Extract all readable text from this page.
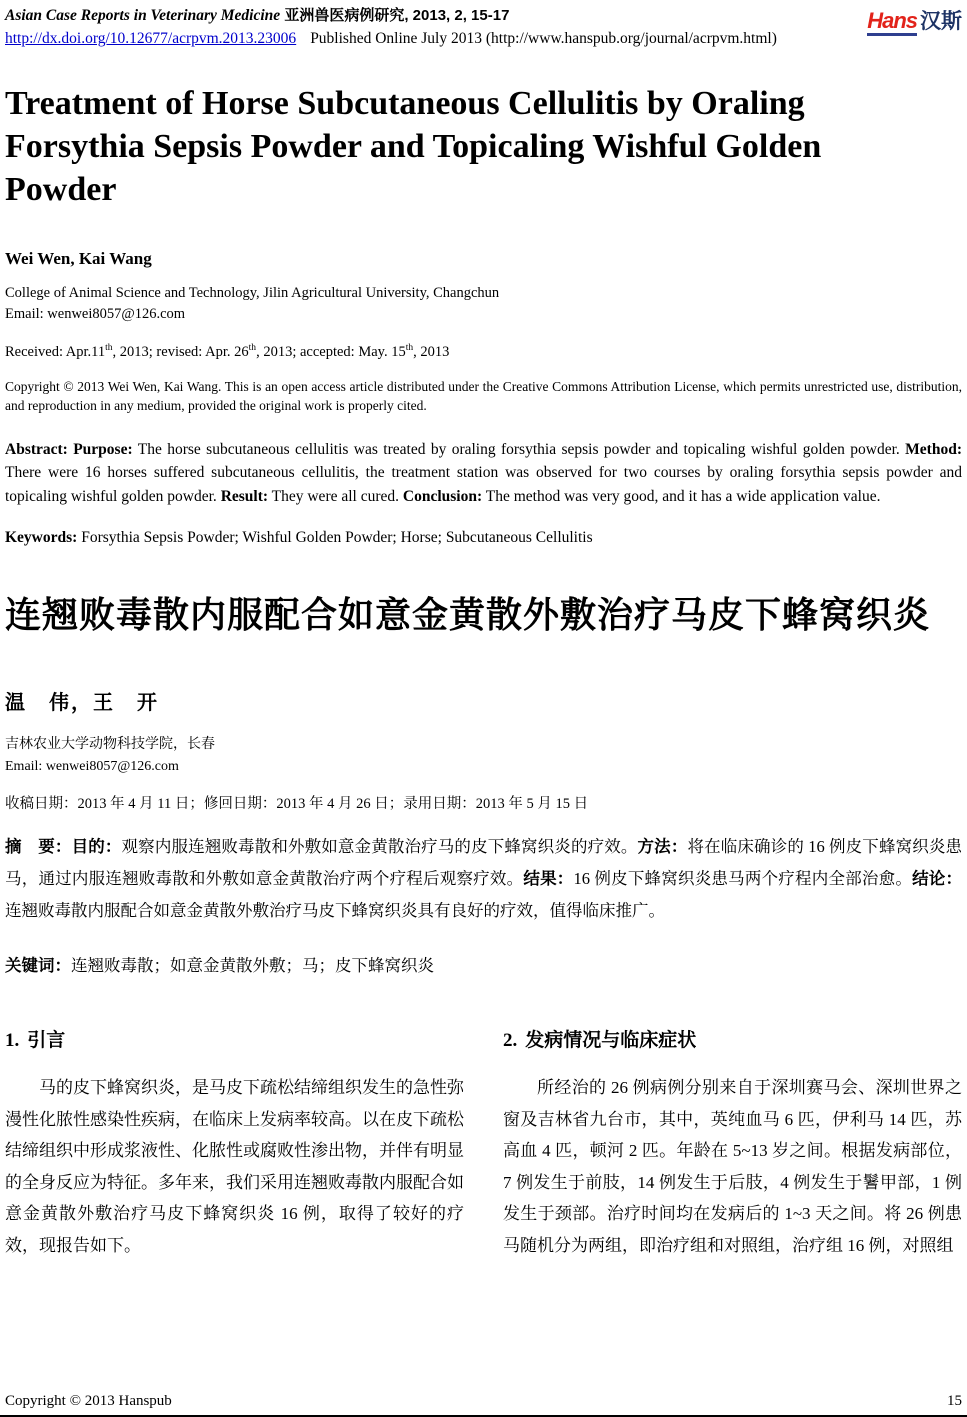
Asian Case Reports in Veterinary Medicine 亚洲兽医病例研究, 2013, 2, 15-17
http://dx.doi.org/10.12677/acrpvm.2013.23006 Published Online July 2013 (http://www.hanspub.org/journal/acrpvm.html)
Hans 汉斯
Treatment of Horse Subcutaneous Cellulitis by Oraling
Forsythia Sepsis Powder and Topicaling Wishful Golden
Powder
Wei Wen, Kai Wang
College of Animal Science and Technology, Jilin Agricultural University, Changchun
Email: wenwei8057@126.com
Received: Apr.11th, 2013; revised: Apr. 26th, 2013; accepted: May. 15th, 2013
Copyright © 2013 Wei Wen, Kai Wang. This is an open access article distributed under the Creative Commons Attribution License, which permits unrestricted use, distribution, and reproduction in any medium, provided the original work is properly cited.
Abstract: Purpose: The horse subcutaneous cellulitis was treated by oraling forsythia sepsis powder and topicaling wishful golden powder. Method: There were 16 horses suffered subcutaneous cellulitis, the treatment station was observed for two courses by oraling forsythia sepsis powder and topicaling wishful golden powder. Result: They were all cured. Conclusion: The method was very good, and it has a wide application value.
Keywords: Forsythia Sepsis Powder; Wishful Golden Powder; Horse; Subcutaneous Cellulitis
连翘败毒散内服配合如意金黄散外敷治疗马皮下蜂窝织炎
温　伟，王　开
吉林农业大学动物科技学院，长春
Email: wenwei8057@126.com
收稿日期：2013 年 4 月 11 日；修回日期：2013 年 4 月 26 日；录用日期：2013 年 5 月 15 日
摘　要：目的：观察内服连翘败毒散和外敷如意金黄散治疗马的皮下蜂窝织炎的疗效。方法：将在临床确诊的 16 例皮下蜂窝织炎患马，通过内服连翘败毒散和外敷如意金黄散治疗两个疗程后观察疗效。结果：16 例皮下蜂窝织炎患马两个疗程内全部治愈。结论：连翘败毒散内服配合如意金黄散外敷治疗马皮下蜂窝织炎具有良好的疗效，值得临床推广。
关键词：连翘败毒散；如意金黄散外敷；马；皮下蜂窝织炎
1. 引言

马的皮下蜂窝织炎，是马皮下疏松结缔组织发生的急性弥漫性化脓性感染性疾病，在临床上发病率较高。以在皮下疏松结缔组织中形成浆液性、化脓性或腐败性渗出物，并伴有明显的全身反应为特征。多年来，我们采用连翘败毒散内服配合如意金黄散外敷治疗马皮下蜂窝织炎 16 例，取得了较好的疗效，现报告如下。

2. 发病情况与临床症状

所经治的 26 例病例分别来自于深圳赛马会、深圳世界之窗及吉林省九台市，其中，英纯血马 6 匹，伊利马 14 匹，苏高血 4 匹，顿河 2 匹。年龄在 5~13 岁之间。根据发病部位，7 例发生于前肢，14 例发生于后肢，4 例发生于鬐甲部，1 例发生于颈部。治疗时间均在发病后的 1~3 天之间。将 26 例患马随机分为两组，即治疗组和对照组，治疗组 16 例，对照组

Copyright © 2013 Hanspub	15
